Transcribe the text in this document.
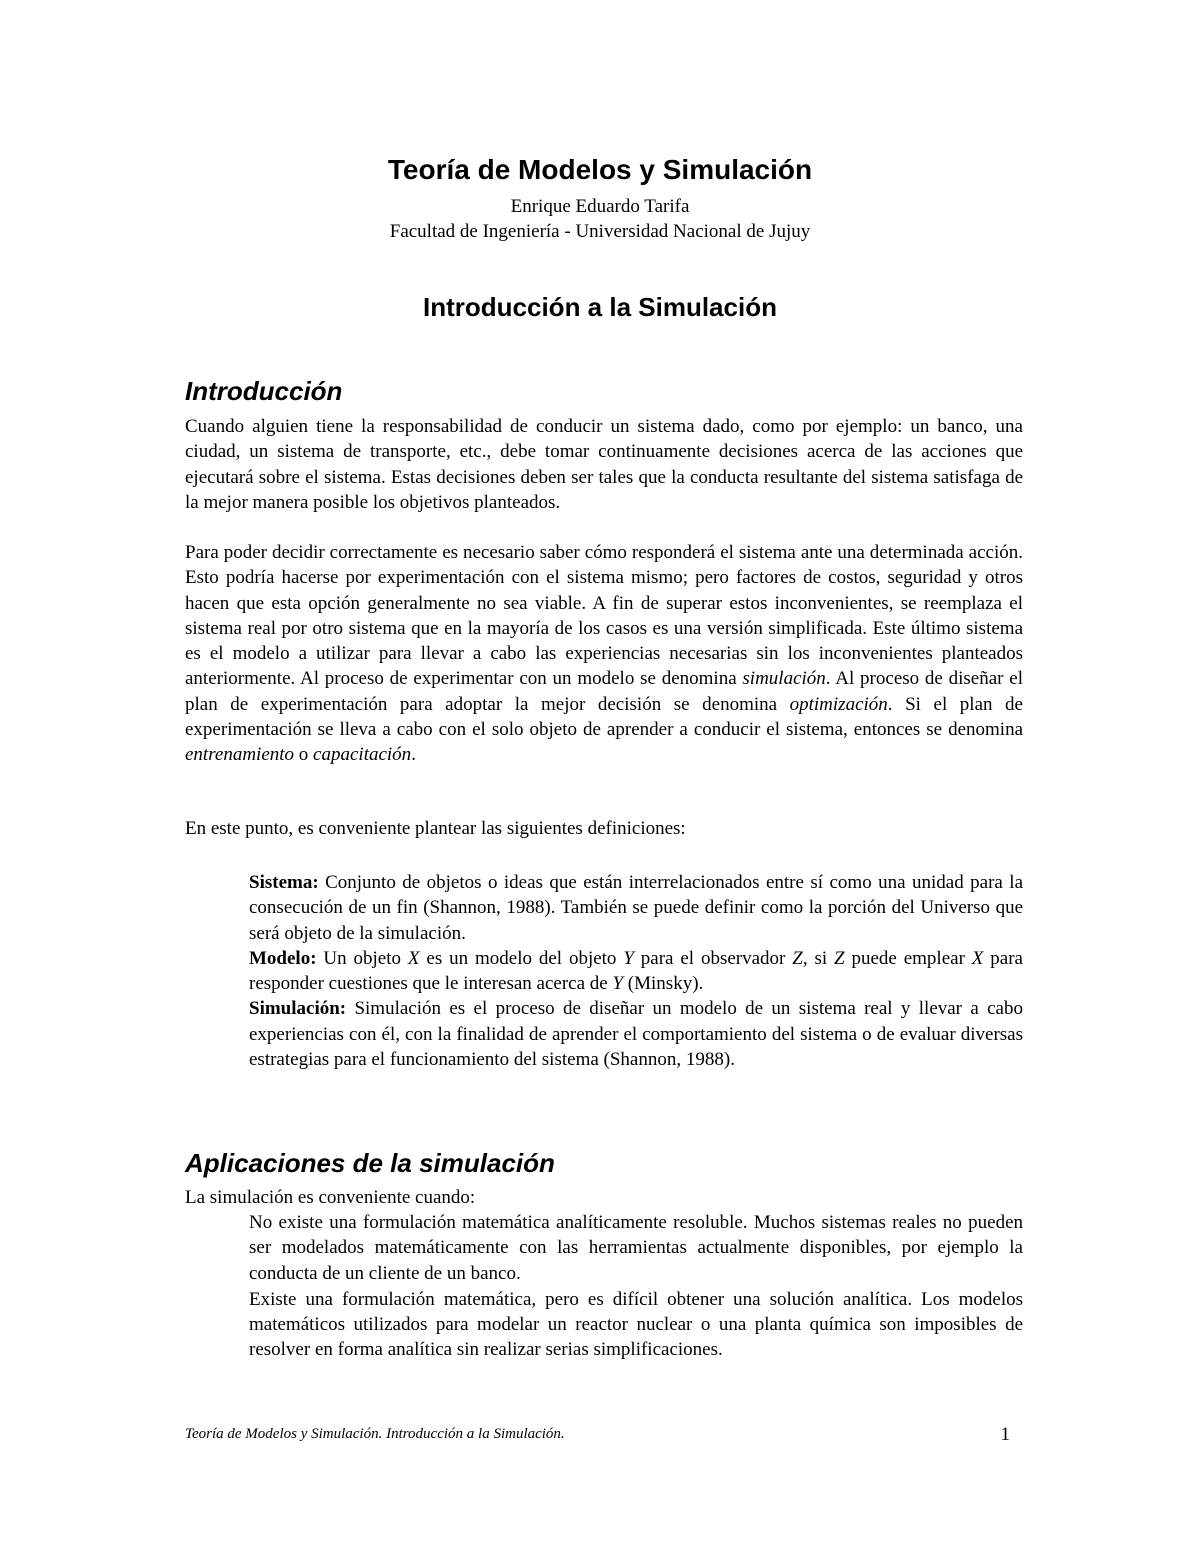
Teoría de Modelos y Simulación
Enrique Eduardo Tarifa
Facultad de Ingeniería - Universidad Nacional de Jujuy
Introducción a la Simulación
Introducción

Cuando alguien tiene la responsabilidad de conducir un sistema dado, como por ejemplo: un banco, una ciudad, un sistema de transporte, etc., debe tomar continuamente decisiones acerca de las acciones que ejecutará sobre el sistema. Estas decisiones deben ser tales que la conducta resultante del sistema satisfaga de la mejor manera posible los objetivos planteados.

Para poder decidir correctamente es necesario saber cómo responderá el sistema ante una determinada acción. Esto podría hacerse por experimentación con el sistema mismo; pero factores de costos, seguridad y otros hacen que esta opción generalmente no sea viable. A fin de superar estos inconvenientes, se reemplaza el sistema real por otro sistema que en la mayoría de los casos es una versión simplificada. Este último sistema es el modelo a utilizar para llevar a cabo las experiencias necesarias sin los inconvenientes planteados anteriormente. Al proceso de experimentar con un modelo se denomina simulación. Al proceso de diseñar el plan de experimentación para adoptar la mejor decisión se denomina optimización. Si el plan de experimentación se lleva a cabo con el solo objeto de aprender a conducir el sistema, entonces se denomina entrenamiento o capacitación.

En este punto, es conveniente plantear las siguientes definiciones:

Sistema: Conjunto de objetos o ideas que están interrelacionados entre sí como una unidad para la consecución de un fin (Shannon, 1988). También se puede definir como la porción del Universo que será objeto de la simulación.

Modelo: Un objeto X es un modelo del objeto Y para el observador Z, si Z puede emplear X para responder cuestiones que le interesan acerca de Y (Minsky).

Simulación: Simulación es el proceso de diseñar un modelo de un sistema real y llevar a cabo experiencias con él, con la finalidad de aprender el comportamiento del sistema o de evaluar diversas estrategias para el funcionamiento del sistema (Shannon, 1988).

Aplicaciones de la simulación
La simulación es conveniente cuando:

No existe una formulación matemática analíticamente resoluble. Muchos sistemas reales no pueden ser modelados matemáticamente con las herramientas actualmente disponibles, por ejemplo la conducta de un cliente de un banco.

Existe una formulación matemática, pero es difícil obtener una solución analítica. Los modelos matemáticos utilizados para modelar un reactor nuclear o una planta química son imposibles de resolver en forma analítica sin realizar serias simplificaciones.

Teoría de Modelos y Simulación. Introducción a la Simulación.	1
